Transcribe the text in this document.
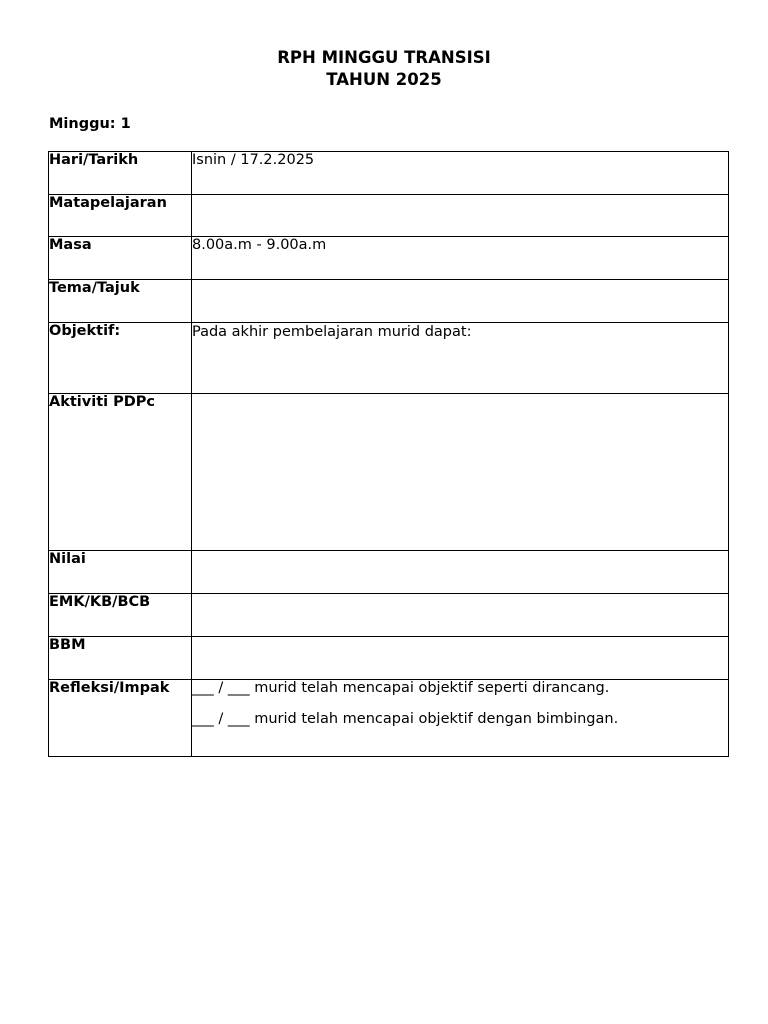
RPH MINGGU TRANSISI
TAHUN 2025
Minggu: 1
Hari/Tarikh	Isnin / 17.2.2025
Matapelajaran	
Masa	8.00a.m - 9.00a.m
Tema/Tajuk	
Objektif:	Pada akhir pembelajaran murid dapat:
Aktiviti PDPc	
Nilai	
EMK/KB/BCB	
BBM	
Refleksi/Impak	___ / ___ murid telah mencapai objektif seperti dirancang.
___ / ___ murid telah mencapai objektif dengan bimbingan.
